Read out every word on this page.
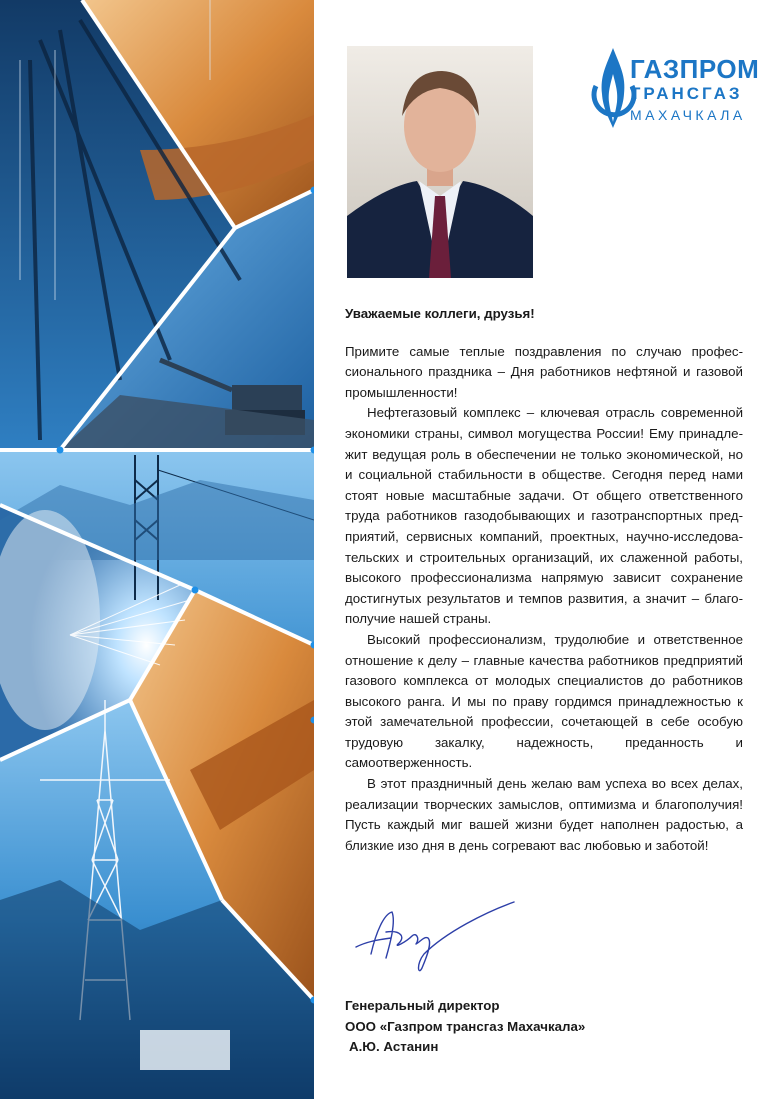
ГАЗПРОМ
ТРАНСГАЗ
МАХАЧКАЛА

Уважаемые коллеги, друзья!

Примите самые теплые поздравления по случаю профессионального праздника – Дня работников нефтяной и газовой промышленности!

Нефтегазовый комплекс – ключевая отрасль современной экономики страны, символ могущества России! Ему принадлежит ведущая роль в обеспечении не только экономической, но и социальной стабильности в обществе. Сегодня перед нами стоят новые масштабные задачи. От общего ответственного труда работников газодобывающих и газотранспортных предприятий, сервисных компаний, проектных, научно-исследовательских и строительных организаций, их слаженной работы, высокого профессионализма напрямую зависит сохранение достигнутых результатов и темпов развития, а значит – благополучие нашей страны.

Высокий профессионализм, трудолюбие и ответственное отношение к делу – главные качества работников предприятий газового комплекса от молодых специалистов до работников высокого ранга. И мы по праву гордимся принадлежностью к этой замечательной профессии, сочетающей в себе особую трудовую закалку, надежность, преданность и самоотверженность.

В этот праздничный день желаю вам успеха во всех делах, реализации творческих замыслов, оптимизма и благополучия! Пусть каждый миг вашей жизни будет наполнен радостью, а близкие изо дня в день согревают вас любовью и заботой!

Генеральный директор
ООО «Газпром трансгаз Махачкала»
А.Ю. Астанин
